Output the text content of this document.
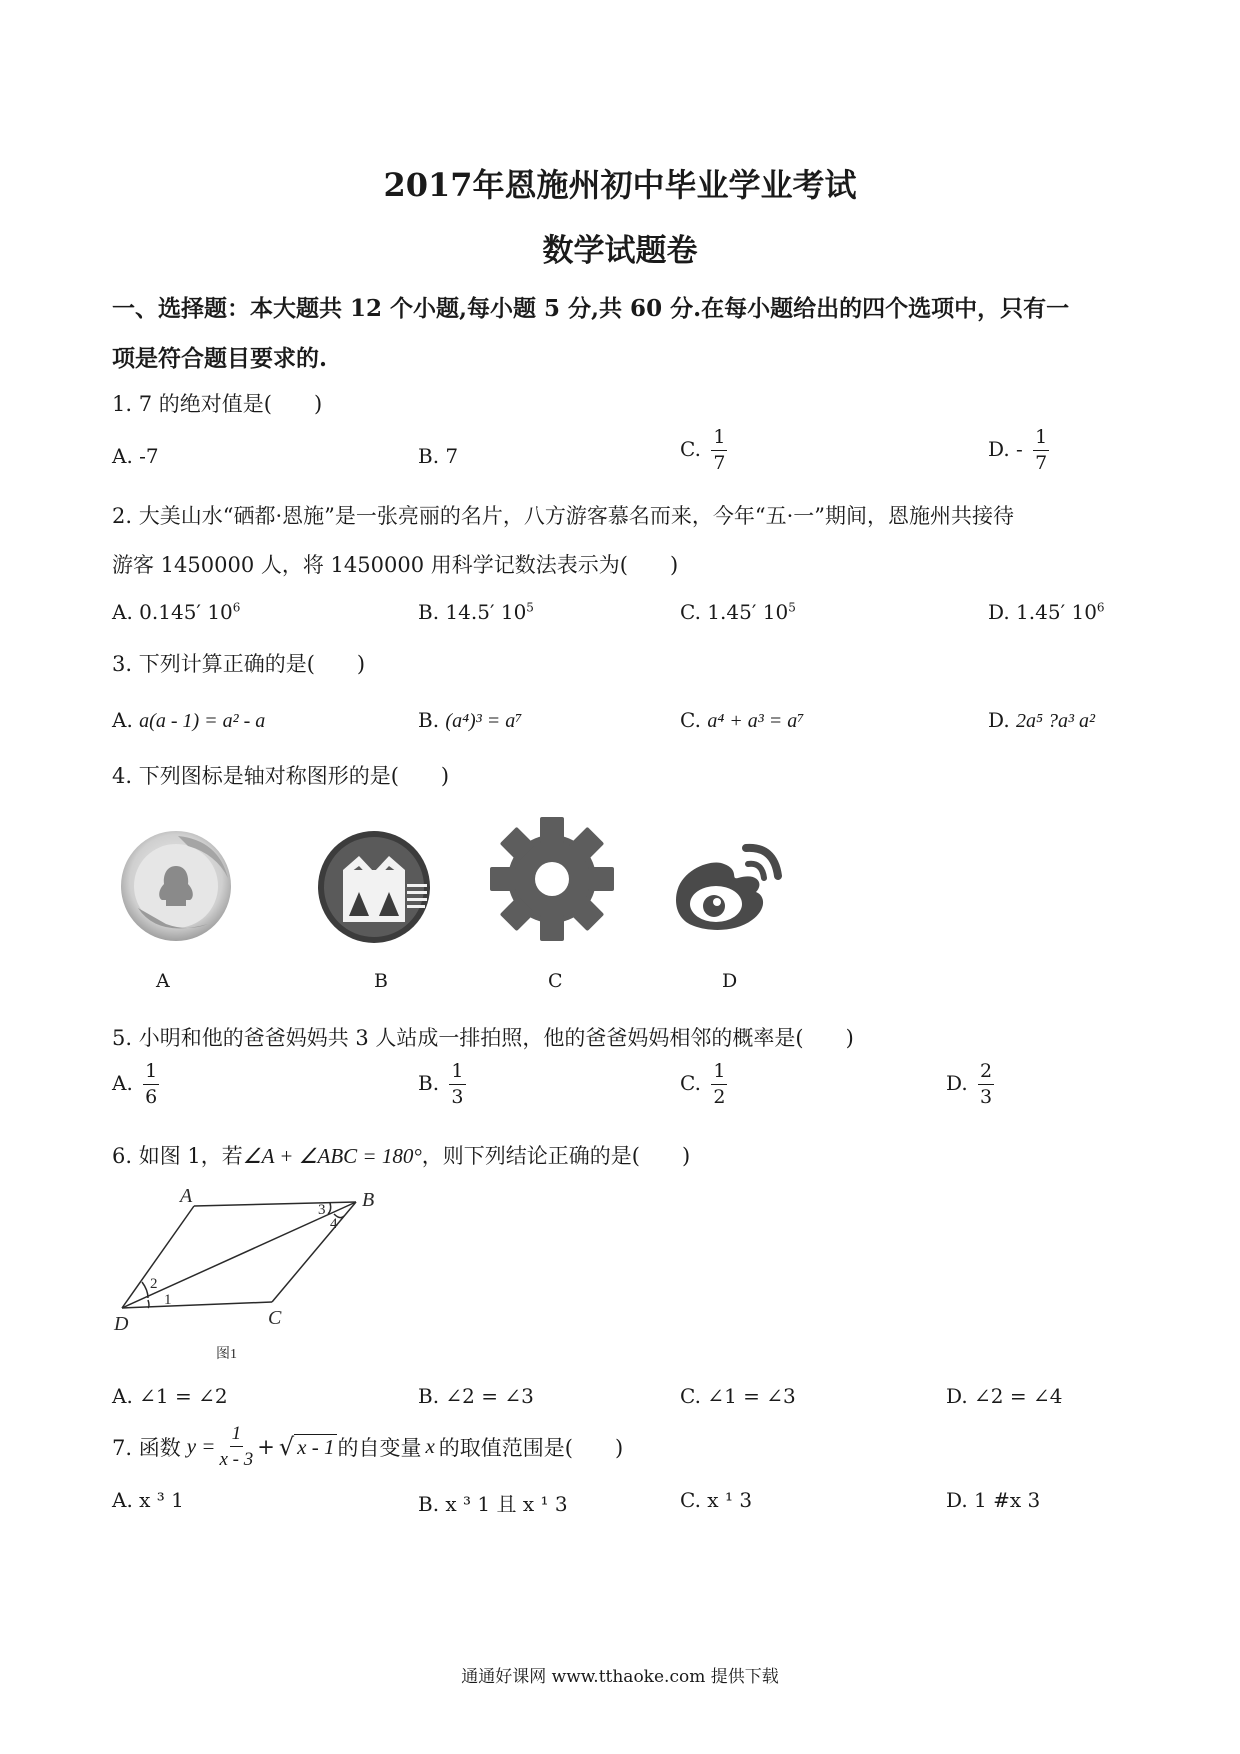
2017年恩施州初中毕业学业考试
数学试题卷
一、选择题：本大题共 12 个小题,每小题 5 分,共 60 分.在每小题给出的四个选项中，只有一
项是符合题目要求的.
1. 7 的绝对值是(　　)
A. -7	B. 7	C. $\frac{1}{7}$	D. - $\frac{1}{7}$
2. 大美山水“硒都·恩施”是一张亮丽的名片，八方游客慕名而来，今年“五·一”期间，恩施州共接待
游客 1450000 人，将 1450000 用科学记数法表示为(　　)
A. 0.145′ $10^6$	B. 14.5′ $10^5$	C. 1.45′ $10^5$	D. 1.45′ $10^6$
3. 下列计算正确的是(　　)
A. a(a - 1) = a² - a	B. (a⁴)³ = a⁷	C. a⁴ + a³ = a⁷	D. 2a⁵ ?a³ a²
4. 下列图标是轴对称图形的是(　　)
A	B	C	D
5. 小明和他的爸爸妈妈共 3 人站成一排拍照，他的爸爸妈妈相邻的概率是(　　)
A. $\frac{1}{6}$	B. $\frac{1}{3}$	C. $\frac{1}{2}$	D. $\frac{2}{3}$
6. 如图 1，若∠A + ∠ABC = 180°，则下列结论正确的是(　　)
A	B
C
D
1
2
3
4
图1
A. ∠1 = ∠2	B. ∠2 = ∠3	C. ∠1 = ∠3	D. ∠2 = ∠4
7. 函数 $y = \frac{1}{x - 3}$ + √ x - 1 的自变量 x 的取值范围是(　　)
A. x ³ 1	B. x ³ 1 且 x ¹ 3	C. x ¹ 3	D. 1 #x 3
通通好课网 www.tthaoke.com 提供下载
